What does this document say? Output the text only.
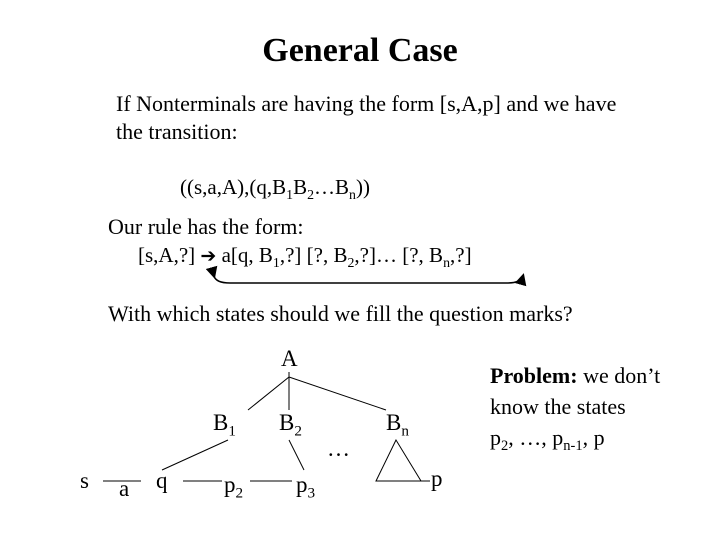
General Case
If Nonterminals are having the form [s,A,p] and we have
the transition:
$((s,a,A),(q,B_1B_2\dots B_n))$
Our rule has the form:
[s,A,?] ➔ a[q, $B_1$,?] [?, $B_2,?]\dots$ [?, $B_n$,?]
With which states should we fill the question marks?
A
$B_1$ $B_2$
…
$B_n$
s a q $p_2$ $p_3$
p
Problem: we don’t
know the states
$p_2$, …, $p_{n-1}$, p
